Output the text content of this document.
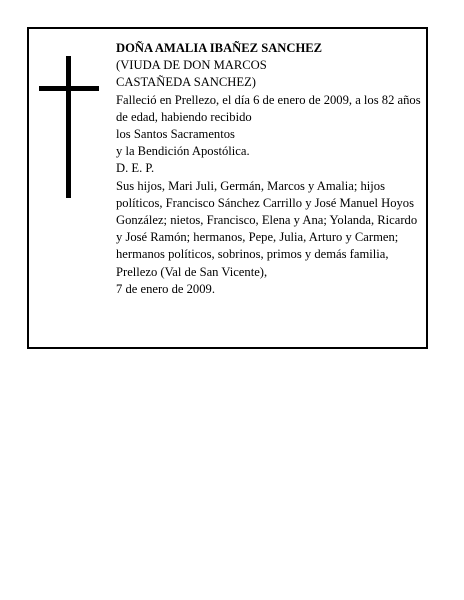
DOÑA AMALIA IBAÑEZ SANCHEZ
(VIUDA DE DON MARCOS
CASTAÑEDA SANCHEZ)
Falleció en Prellezo, el día 6 de enero de 2009, a los 82 años
de edad, habiendo recibido
los Santos Sacramentos
y la Bendición Apostólica.
D. E. P.
Sus hijos, Mari Juli, Germán, Marcos y Amalia; hijos políticos, Francisco Sánchez Carrillo y José Manuel Hoyos González; nietos, Francisco, Elena y Ana; Yolanda, Ricardo y José Ramón; hermanos, Pepe, Julia, Arturo y Carmen; hermanos políticos, sobrinos, primos y demás familia,
Prellezo (Val de San Vicente),
7 de enero de 2009.
